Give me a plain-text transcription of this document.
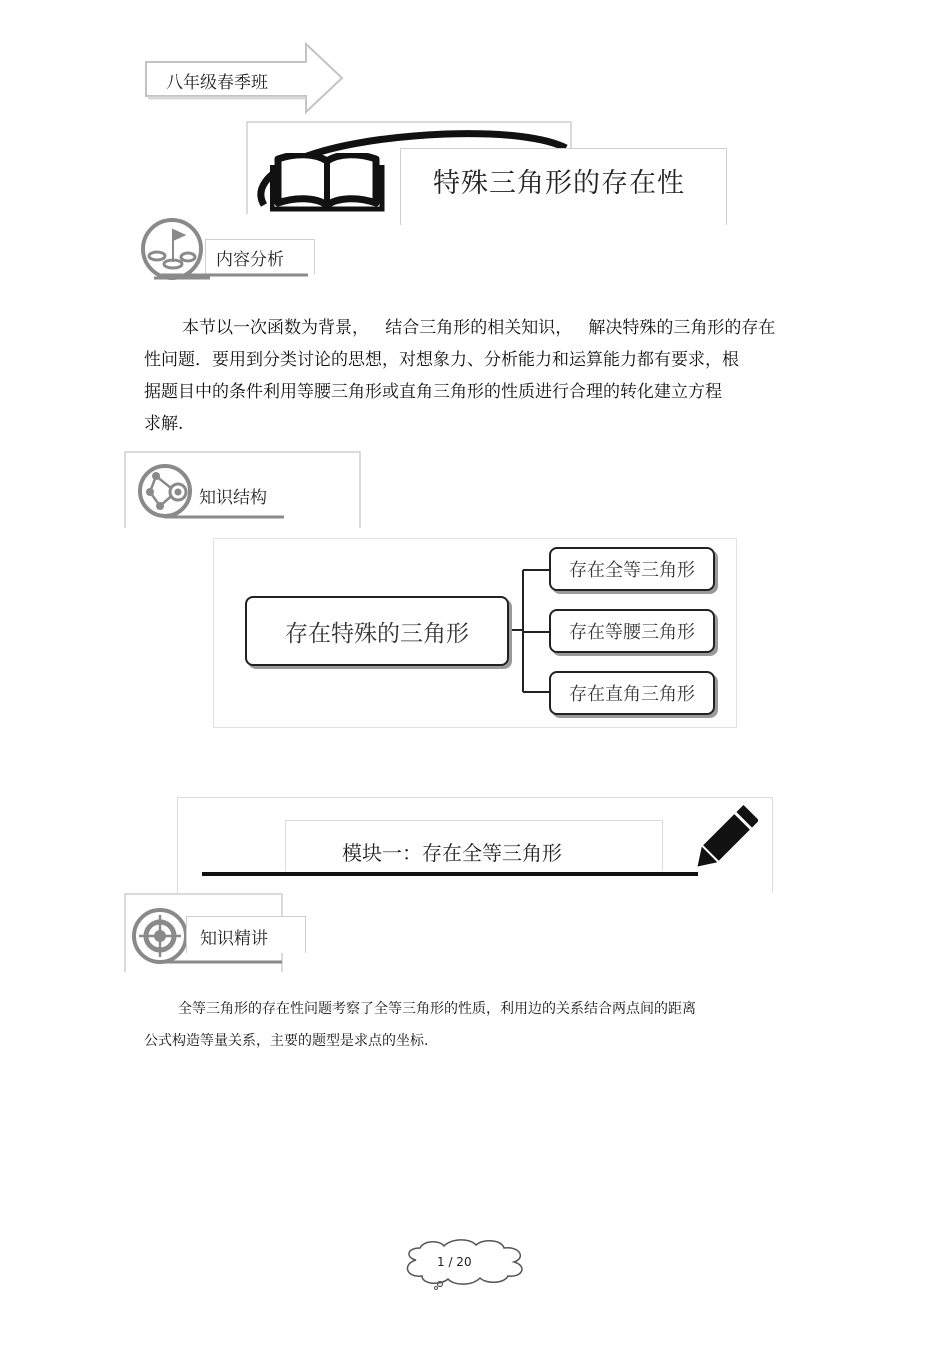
八年级春季班
特殊三角形的存在性
内容分析
本节以一次函数为背景，   结合三角形的相关知识，   解决特殊的三角形的存在
性问题．要用到分类讨论的思想，对想象力、分析能力和运算能力都有要求，根
据题目中的条件利用等腰三角形或直角三角形的性质进行合理的转化建立方程
求解.
知识结构
存在特殊的三角形
存在全等三角形
存在等腰三角形
存在直角三角形
模块一：存在全等三角形
知识精讲
全等三角形的存在性问题考察了全等三角形的性质，利用边的关系结合两点间的距离
公式构造等量关系，主要的题型是求点的坐标.
1 / 20
